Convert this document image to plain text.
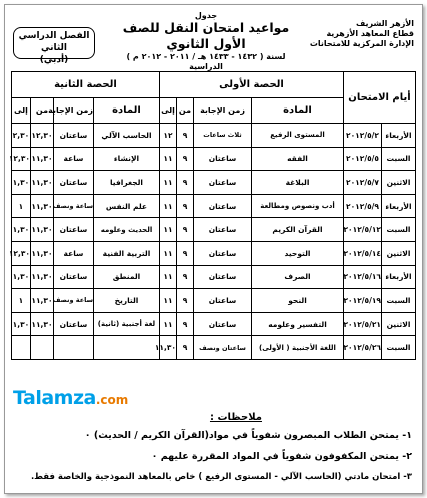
الأزهر الشريف
قطاع المعاهد الأزهرية
الإدارة المركزية للامتحانات
جدول
مواعيد امتحان النقل للصف الأول الثانوي
لسنة ( ١٤٣٢ - ١٤٣٣ هـ / ٢٠١١ - ٢٠١٢ م ) الدراسية
الفصل الدراسي الثاني
(أدبي)
أيام الامتحان		الحصة الأولى				الحصة الثانية			
		المادة	زمن الإجابة	من	إلى	المادة	زمن الإجابة	من	إلى
الأربعاء	٢٠١٢/٥/٢	المستوى الرفيع	ثلاث ساعات	٩	١٢	الحاسب الآلي	ساعتان	١٢,٣٠	٢,٣٠
السبت	٢٠١٢/٥/٥	الفقه	ساعتان	٩	١١	الإنشاء	ساعة	١١,٣٠	١٢,٣٠
الاثنين	٢٠١٢/٥/٧	البلاغة	ساعتان	٩	١١	الجغرافيا	ساعتان	١١,٣٠	١,٣٠
الأربعاء	٢٠١٢/٥/٩	أدب ونصوص ومطالعة	ساعتان	٩	١١	علم النفس	ساعة ونصف	١١,٣٠	١
السبت	٢٠١٢/٥/١٢	القرآن الكريم	ساعتان	٩	١١	الحديث وعلومه	ساعتان	١١,٣٠	١,٣٠
الاثنين	٢٠١٢/٥/١٤	التوحيد	ساعتان	٩	١١	التربية الفنية	ساعة	١١,٣٠	١٢,٣٠
الأربعاء	٢٠١٢/٥/١٦	الصرف	ساعتان	٩	١١	المنطق	ساعتان	١١,٣٠	١,٣٠
السبت	٢٠١٢/٥/١٩	النحو	ساعتان	٩	١١	التاريخ	ساعة ونصف	١١,٣٠	١
الاثنين	٢٠١٢/٥/٢١	التفسير وعلومه	ساعتان	٩	١١	لغة أجنبية (ثانية)	ساعتان	١١,٣٠	١,٣٠
السبت	٢٠١٢/٥/٢٦	اللغة الأجنبية ( الأولى)	ساعتان ونصف	٩	١١,٣٠				
Talamza.com
ملاحظات :
١- يمتحن الطلاب المبصرون شفوياً في مواد(القرآن الكريم / الحديث) ٠
٢- يمتحن المكفوفون شفوياً في المواد المقررة عليهم ٠
٣- امتحان مادتي (الحاسب الآلي - المستوى الرفيع ) خاص بالمعاهد النموذجية والخاصة فقط.
